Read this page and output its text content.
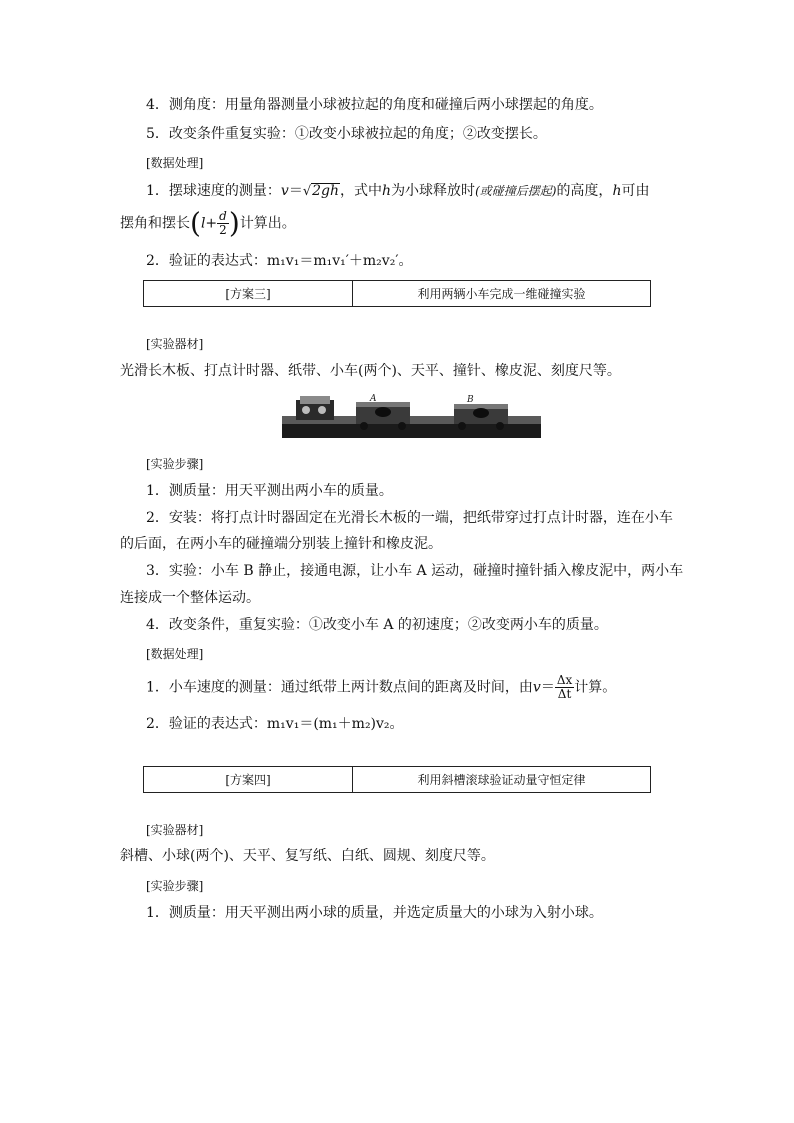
4．测角度：用量角器测量小球被拉起的角度和碰撞后两小球摆起的角度。
5．改变条件重复实验：①改变小球被拉起的角度；②改变摆长。
[数据处理]
1．摆球速度的测量：v＝√2gh，式中h为小球释放时(或碰撞后摆起)的高度，h可由
摆角和摆长($l+ \frac{d}{2}$ )计算出。
2．验证的表达式：m₁v₁＝m₁v₁′＋m₂v₂′。
[方案三]	利用两辆小车完成一维碰撞实验
[实验器材]
光滑长木板、打点计时器、纸带、小车(两个)、天平、撞针、橡皮泥、刻度尺等。
A	B
[实验步骤]
1．测质量：用天平测出两小车的质量。
2．安装：将打点计时器固定在光滑长木板的一端，把纸带穿过打点计时器，连在小车
的后面，在两小车的碰撞端分别装上撞针和橡皮泥。
3．实验：小车 B 静止，接通电源，让小车 A 运动，碰撞时撞针插入橡皮泥中，两小车
连接成一个整体运动。
4．改变条件，重复实验：①改变小车 A 的初速度；②改变两小车的质量。
[数据处理]
1．小车速度的测量：通过纸带上两计数点间的距离及时间，由$v= \frac{\Delta x}{\Delta t}$ 计算。
2．验证的表达式：m₁v₁＝(m₁＋m₂)v₂。
[方案四]	利用斜槽滚球验证动量守恒定律
[实验器材]
斜槽、小球(两个)、天平、复写纸、白纸、圆规、刻度尺等。
[实验步骤]
1．测质量：用天平测出两小球的质量，并选定质量大的小球为入射小球。
